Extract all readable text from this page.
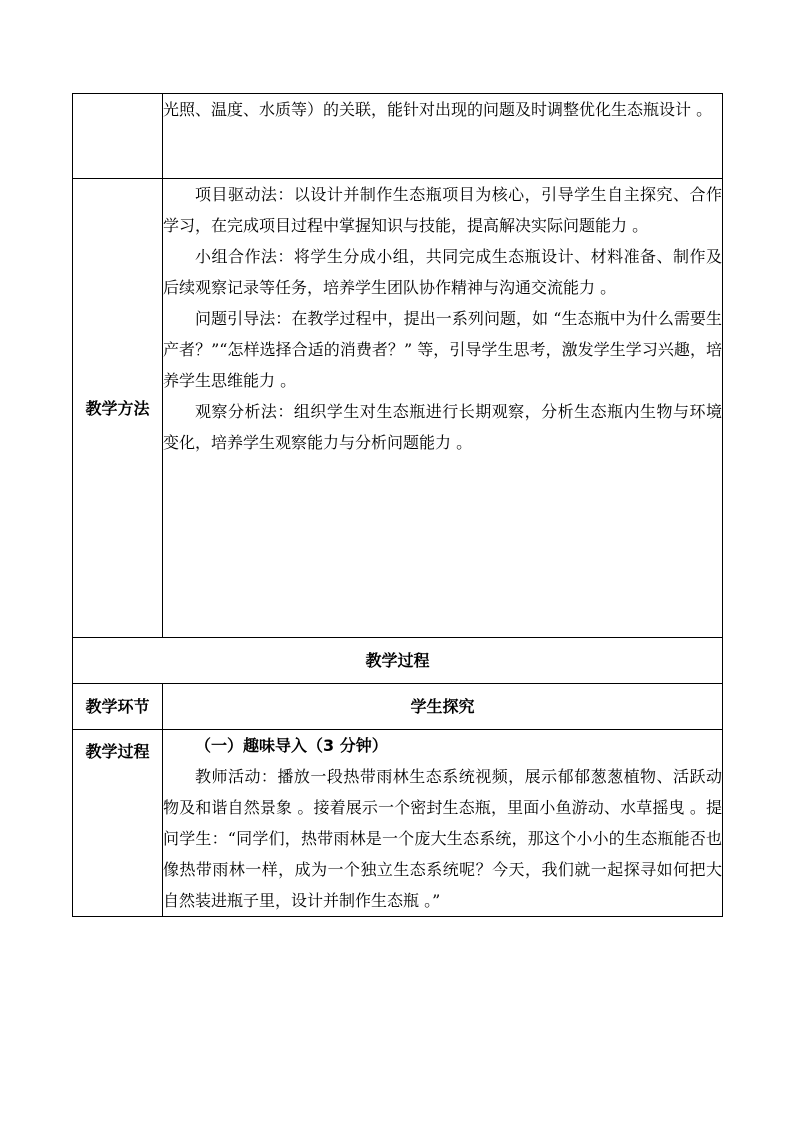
	光照、温度、水质等）的关联，能针对出现的问题及时调整优化生态瓶设计 。

教学方法	项目驱动法：以设计并制作生态瓶项目为核心，引导学生自主探究、合作学习，在完成项目过程中掌握知识与技能，提高解决实际问题能力 。

小组合作法：将学生分成小组，共同完成生态瓶设计、材料准备、制作及后续观察记录等任务，培养学生团队协作精神与沟通交流能力 。

问题引导法：在教学过程中，提出一系列问题，如 “生态瓶中为什么需要生产者？”“怎样选择合适的消费者？” 等，引导学生思考，激发学生学习兴趣，培养学生思维能力 。

观察分析法：组织学生对生态瓶进行长期观察，分析生态瓶内生物与环境变化，培养学生观察能力与分析问题能力 。

教学过程	
教学环节	学生探究
教学过程	（一）趣味导入（3 分钟）

教师活动：播放一段热带雨林生态系统视频，展示郁郁葱葱植物、活跃动物及和谐自然景象 。接着展示一个密封生态瓶，里面小鱼游动、水草摇曳 。提问学生：“同学们，热带雨林是一个庞大生态系统，那这个小小的生态瓶能否也像热带雨林一样，成为一个独立生态系统呢？今天，我们就一起探寻如何把大自然装进瓶子里，设计并制作生态瓶 。”
